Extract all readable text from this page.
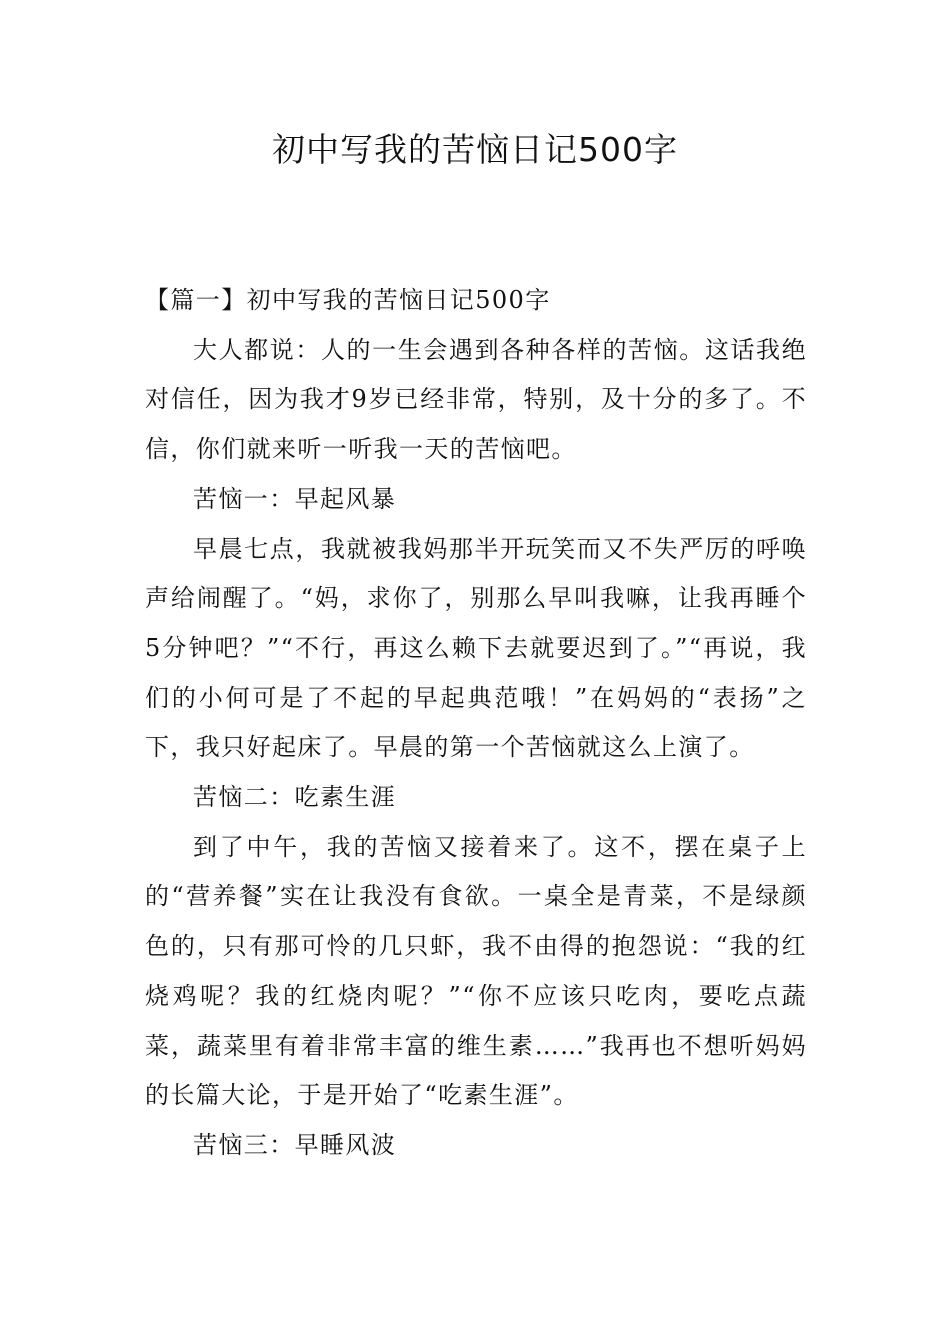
初中写我的苦恼日记500字

【篇一】初中写我的苦恼日记500字

大人都说：人的一生会遇到各种各样的苦恼。这话我绝对信任，因为我才9岁已经非常，特别，及十分的多了。不信，你们就来听一听我一天的苦恼吧。

苦恼一：早起风暴

早晨七点，我就被我妈那半开玩笑而又不失严厉的呼唤声给闹醒了。“妈，求你了，别那么早叫我嘛，让我再睡个5分钟吧？”“不行，再这么赖下去就要迟到了。”“再说，我们的小何可是了不起的早起典范哦！”在妈妈的“表扬”之下，我只好起床了。早晨的第一个苦恼就这么上演了。

苦恼二：吃素生涯

到了中午，我的苦恼又接着来了。这不，摆在桌子上的“营养餐”实在让我没有食欲。一桌全是青菜，不是绿颜色的，只有那可怜的几只虾，我不由得的抱怨说：“我的红烧鸡呢？我的红烧肉呢？”“你不应该只吃肉，要吃点蔬菜，蔬菜里有着非常丰富的维生素……”我再也不想听妈妈的长篇大论，于是开始了“吃素生涯”。

苦恼三：早睡风波
